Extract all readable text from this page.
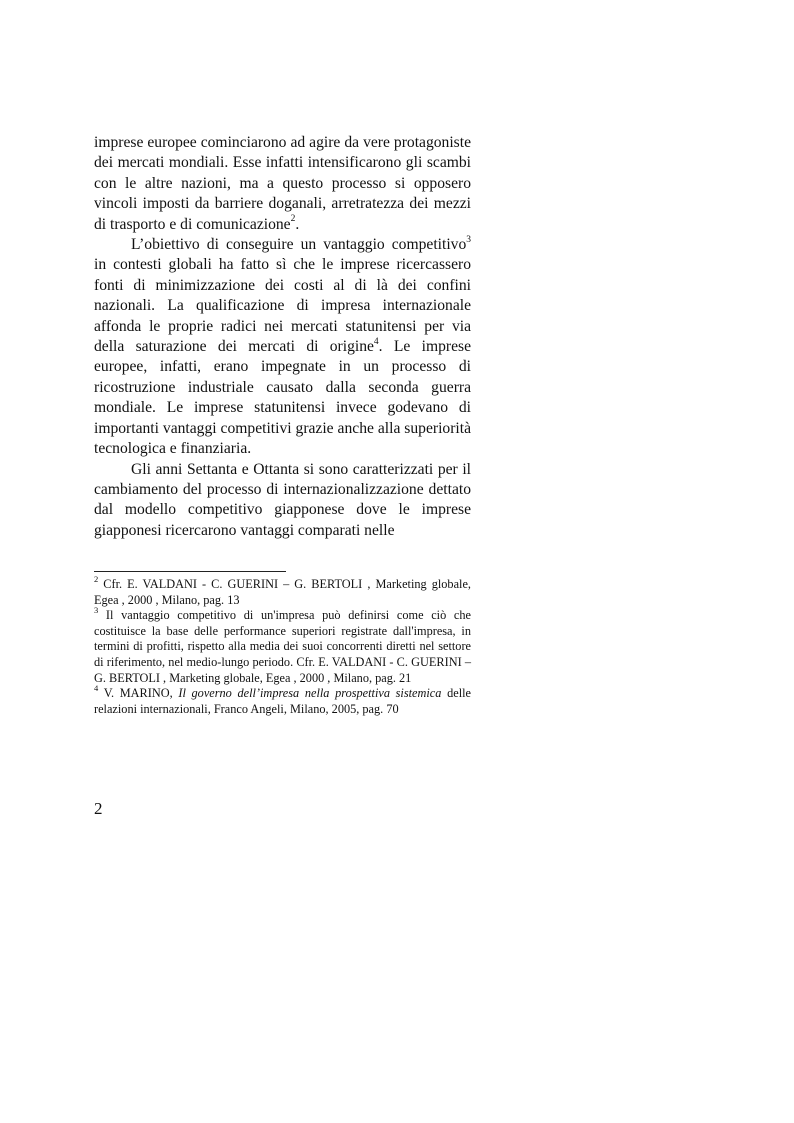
imprese europee cominciarono ad agire da vere protagoniste dei mercati mondiali. Esse infatti intensificarono gli scambi con le altre nazioni, ma a questo processo si opposero vincoli imposti da barriere doganali, arretratezza dei mezzi di trasporto e di comunicazione$^2$.

L’obiettivo di conseguire un vantaggio competitivo$^3$ in contesti globali ha fatto sì che le imprese ricercassero fonti di minimizzazione dei costi al di là dei confini nazionali. La qualificazione di impresa internazionale affonda le proprie radici nei mercati statunitensi per via della saturazione dei mercati di origine$^4$. Le imprese europee, infatti, erano impegnate in un processo di ricostruzione industriale causato dalla seconda guerra mondiale. Le imprese statunitensi invece godevano di importanti vantaggi competitivi grazie anche alla superiorità tecnologica e finanziaria.

Gli anni Settanta e Ottanta si sono caratterizzati per il cambiamento del processo di internazionalizzazione dettato dal modello competitivo giapponese dove le imprese giapponesi ricercarono vantaggi comparati nelle

$^2$ Cfr. E. VALDANI - C. GUERINI – G. BERTOLI , Marketing globale, Egea , 2000 , Milano, pag. 13

$^3$ Il vantaggio competitivo di un'impresa può definirsi come ciò che costituisce la base delle performance superiori registrate dall'impresa, in termini di profitti, rispetto alla media dei suoi concorrenti diretti nel settore di riferimento, nel medio-lungo periodo. Cfr. E. VALDANI - C. GUERINI – G. BERTOLI , Marketing globale, Egea , 2000 , Milano, pag. 21

$^4$ V. MARINO, Il governo dell’impresa nella prospettiva sistemica delle relazioni internazionali, Franco Angeli, Milano, 2005, pag. 70

2
